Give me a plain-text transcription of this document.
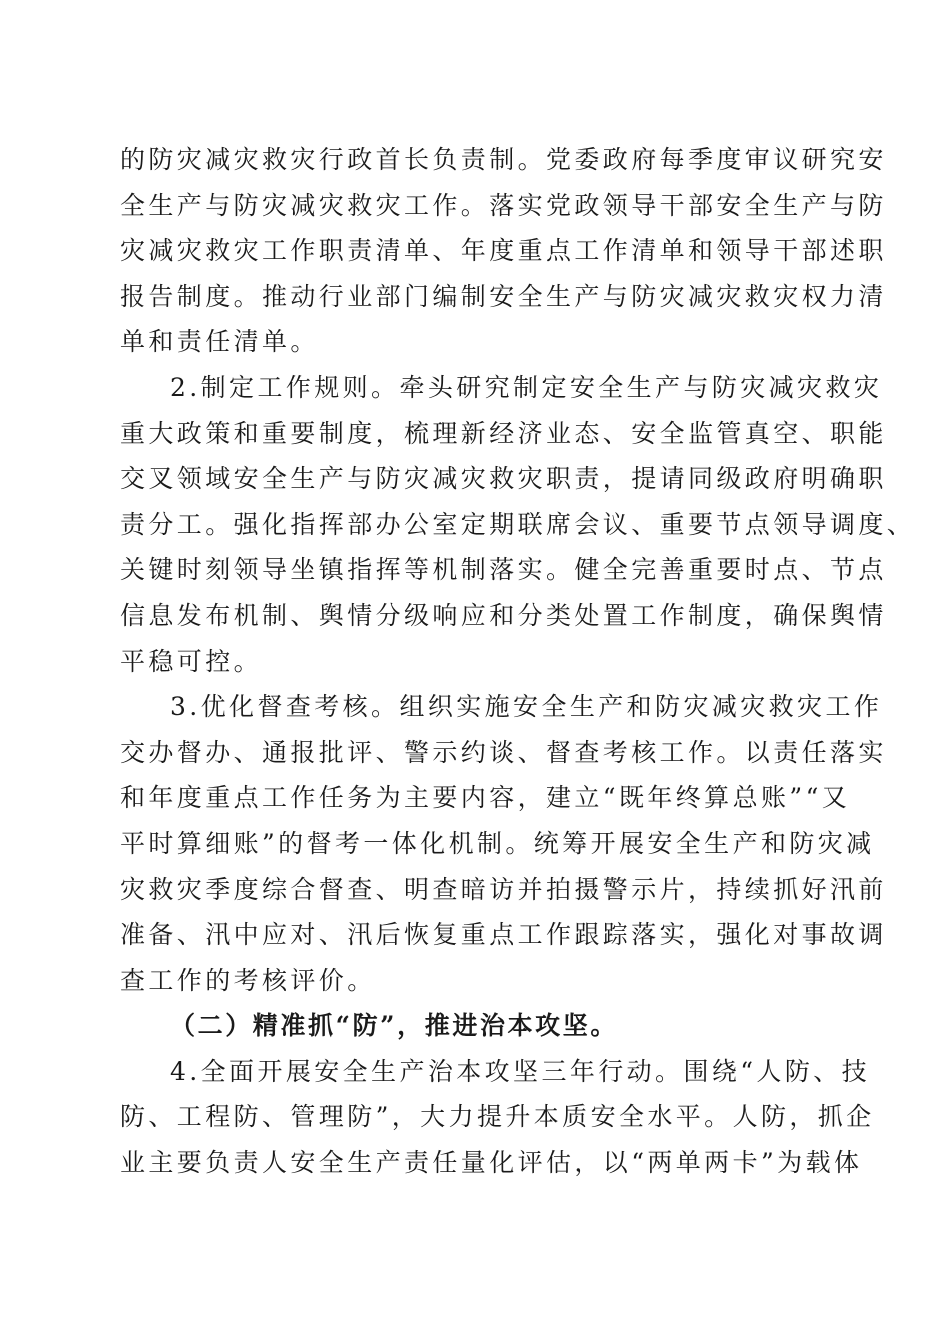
的防灾减灾救灾行政首长负责制。党委政府每季度审议研究安
全生产与防灾减灾救灾工作。落实党政领导干部安全生产与防
灾减灾救灾工作职责清单、年度重点工作清单和领导干部述职
报告制度。推动行业部门编制安全生产与防灾减灾救灾权力清
单和责任清单。
2.制定工作规则。牵头研究制定安全生产与防灾减灾救灾
重大政策和重要制度，梳理新经济业态、安全监管真空、职能
交叉领域安全生产与防灾减灾救灾职责，提请同级政府明确职
责分工。强化指挥部办公室定期联席会议、重要节点领导调度、
关键时刻领导坐镇指挥等机制落实。健全完善重要时点、节点
信息发布机制、舆情分级响应和分类处置工作制度，确保舆情
平稳可控。
3.优化督查考核。组织实施安全生产和防灾减灾救灾工作
交办督办、通报批评、警示约谈、督查考核工作。以责任落实
和年度重点工作任务为主要内容，建立“既年终算总账”“又
平时算细账”的督考一体化机制。统筹开展安全生产和防灾减
灾救灾季度综合督查、明查暗访并拍摄警示片，持续抓好汛前
准备、汛中应对、汛后恢复重点工作跟踪落实，强化对事故调
查工作的考核评价。
（二）精准抓“防”，推进治本攻坚。
4.全面开展安全生产治本攻坚三年行动。围绕“人防、技
防、工程防、管理防”，大力提升本质安全水平。人防，抓企
业主要负责人安全生产责任量化评估，以“两单两卡”为载体
